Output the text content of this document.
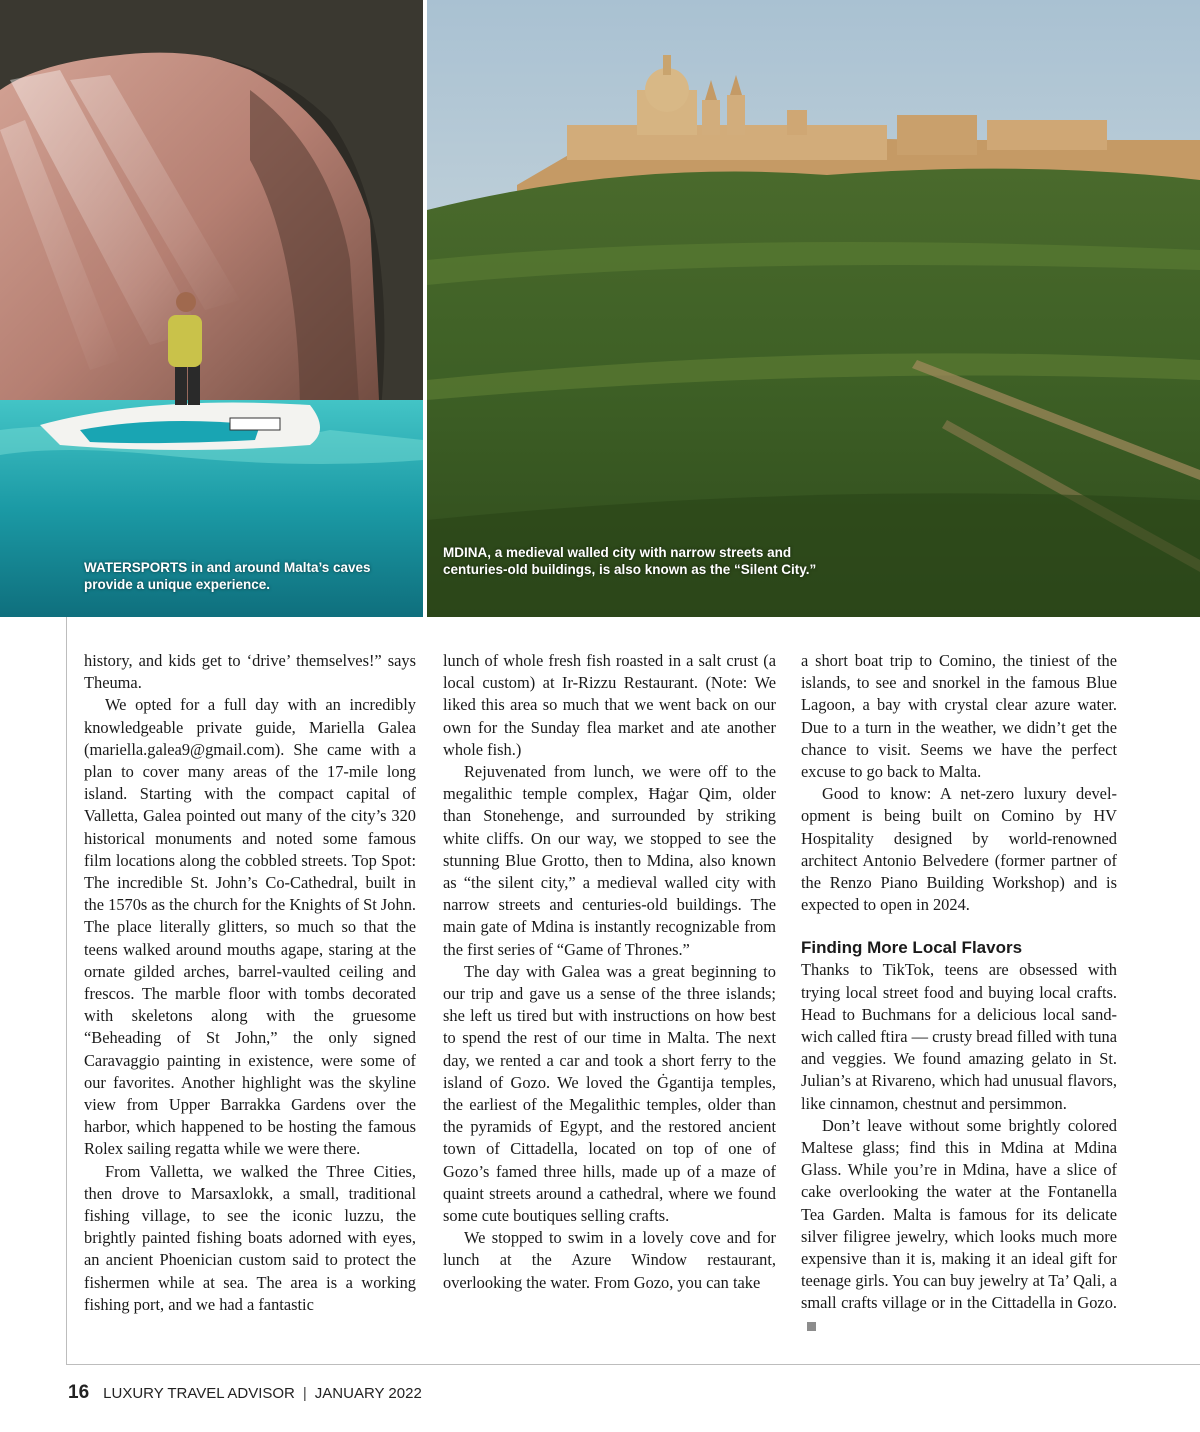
WATERSPORTS in and around Malta’s caves provide a unique experience.

MDINA, a medieval walled city with narrow streets and centuries-old buildings, is also known as the “Silent City.”

history, and kids get to ‘drive’ themselves!” says Theuma.

We opted for a full day with an incredibly knowledgeable private guide, Mariella Galea (mariella.galea9@gmail.com). She came with a plan to cover many areas of the 17-mile long island. Starting with the compact capital of Valletta, Galea pointed out many of the city’s 320 historical monuments and noted some famous film locations along the cobbled streets. Top Spot: The incredible St. John’s Co-Cathedral, built in the 1570s as the church for the Knights of St John. The place literally glitters, so much so that the teens walked around mouths agape, staring at the ornate gilded arches, barrel-vaulted ceiling and frescos. The marble floor with tombs decorated with skeletons along with the gruesome “Beheading of St John,” the only signed Caravaggio painting in existence, were some of our favorites. Another highlight was the skyline view from Upper Barrakka Gardens over the harbor, which happened to be hosting the famous Rolex sailing regatta while we were there.

From Valletta, we walked the Three Cities, then drove to Marsaxlokk, a small, traditional fishing village, to see the iconic luzzu, the brightly painted fishing boats adorned with eyes, an ancient Phoenician custom said to protect the fishermen while at sea. The area is a working fishing port, and we had a fantastic

lunch of whole fresh fish roasted in a salt crust (a local custom) at Ir-Rizzu Restaurant. (Note: We liked this area so much that we went back on our own for the Sunday flea market and ate another whole fish.)

Rejuvenated from lunch, we were off to the megalithic temple complex, Ħaġar Qim, older than Stonehenge, and surrounded by striking white cliffs. On our way, we stopped to see the stunning Blue Grotto, then to Mdina, also known as “the silent city,” a medieval walled city with narrow streets and centuries-old buildings. The main gate of Mdina is instantly recognizable from the first series of “Game of Thrones.”

The day with Galea was a great beginning to our trip and gave us a sense of the three islands; she left us tired but with instructions on how best to spend the rest of our time in Malta. The next day, we rented a car and took a short ferry to the island of Gozo. We loved the Ġgantija temples, the earliest of the Megalithic temples, older than the pyramids of Egypt, and the restored ancient town of Cittadella, located on top of one of Gozo’s famed three hills, made up of a maze of quaint streets around a cathedral, where we found some cute boutiques selling crafts.

We stopped to swim in a lovely cove and for lunch at the Azure Window restaurant, overlooking the water. From Gozo, you can take

a short boat trip to Comino, the tiniest of the islands, to see and snorkel in the famous Blue Lagoon, a bay with crystal clear azure water. Due to a turn in the weather, we didn’t get the chance to visit. Seems we have the perfect excuse to go back to Malta.

Good to know: A net-zero luxury development is being built on Comino by HV Hospitality designed by world-renowned architect Antonio Belvedere (former partner of the Renzo Piano Building Workshop) and is expected to open in 2024.

Finding More Local Flavors

Thanks to TikTok, teens are obsessed with trying local street food and buying local crafts. Head to Buchmans for a delicious local sandwich called ftira — crusty bread filled with tuna and veggies. We found amazing gelato in St. Julian’s at Rivareno, which had unusual flavors, like cinnamon, chestnut and persimmon.

Don’t leave without some brightly colored Maltese glass; find this in Mdina at Mdina Glass. While you’re in Mdina, have a slice of cake overlooking the water at the Fontanella Tea Garden. Malta is famous for its delicate silver filigree jewelry, which looks much more expensive than it is, making it an ideal gift for teenage girls. You can buy jewelry at Ta’ Qali, a small crafts village or in the Cittadella in Gozo.

16 LUXURY TRAVEL ADVISOR | JANUARY 2022
